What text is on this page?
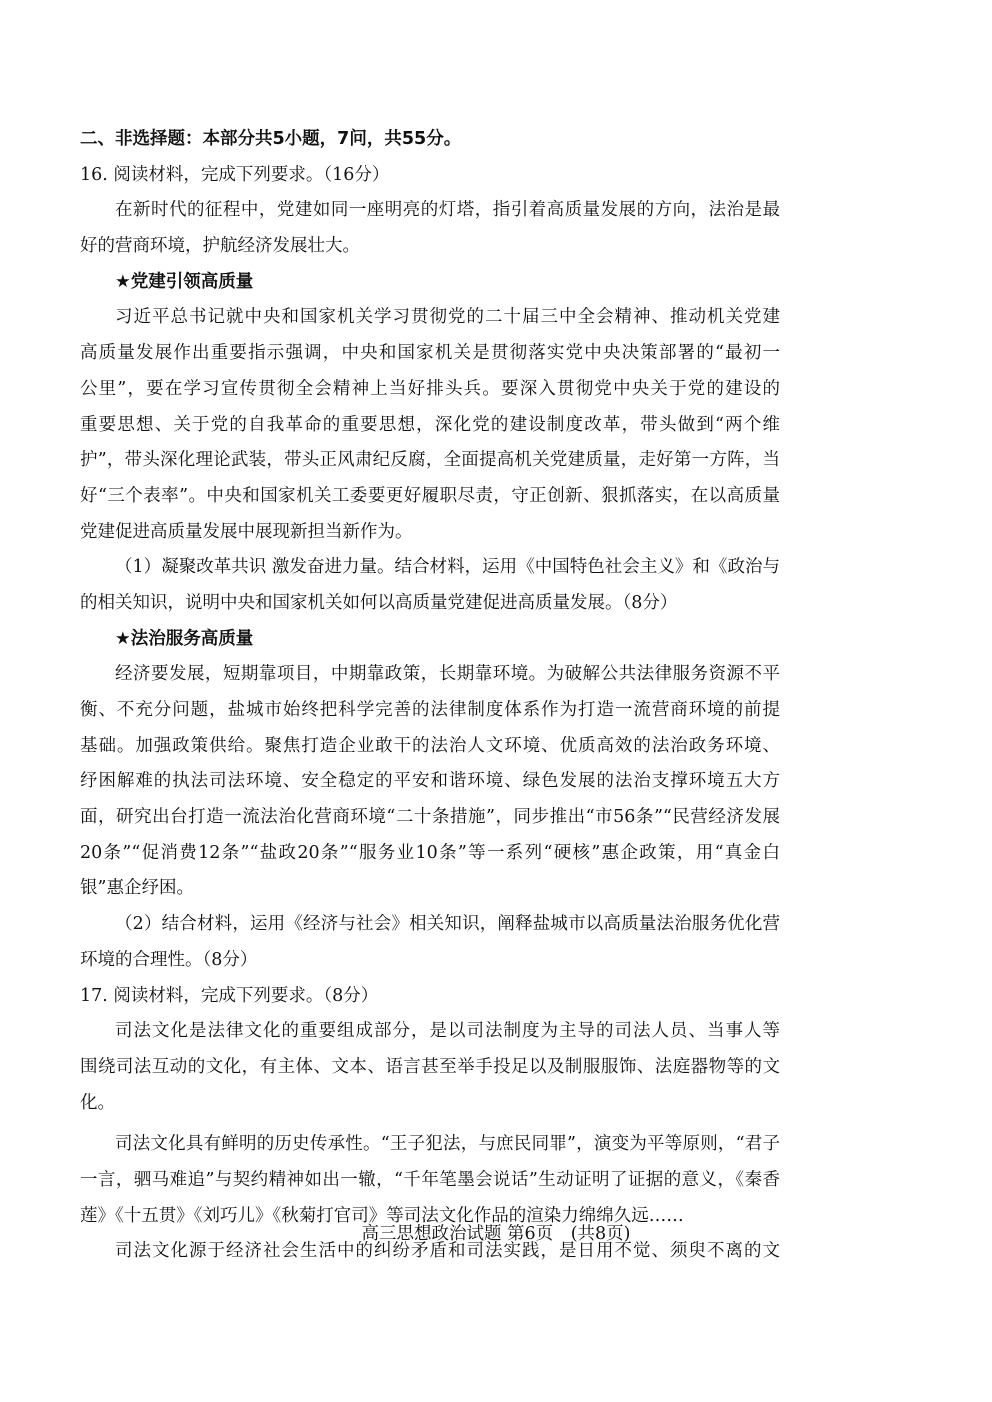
二、非选择题：本部分共5小题，7问，共55分。
16. 阅读材料，完成下列要求。（16分）
在新时代的征程中，党建如同一座明亮的灯塔，指引着高质量发展的方向，法治是最
好的营商环境，护航经济发展壮大。
★党建引领高质量
习近平总书记就中央和国家机关学习贯彻党的二十届三中全会精神、推动机关党建
高质量发展作出重要指示强调，中央和国家机关是贯彻落实党中央决策部署的“最初一
公里”，要在学习宣传贯彻全会精神上当好排头兵。要深入贯彻党中央关于党的建设的
重要思想、关于党的自我革命的重要思想，深化党的建设制度改革，带头做到“两个维
护”，带头深化理论武装，带头正风肃纪反腐，全面提高机关党建质量，走好第一方阵，当
好“三个表率”。中央和国家机关工委要更好履职尽责，守正创新、狠抓落实，在以高质量
党建促进高质量发展中展现新担当新作为。
（1）凝聚改革共识 激发奋进力量。结合材料，运用《中国特色社会主义》和《政治与
的相关知识，说明中央和国家机关如何以高质量党建促进高质量发展。（8分）
★法治服务高质量
经济要发展，短期靠项目，中期靠政策，长期靠环境。为破解公共法律服务资源不平
衡、不充分问题，盐城市始终把科学完善的法律制度体系作为打造一流营商环境的前提
基础。加强政策供给。聚焦打造企业敢干的法治人文环境、优质高效的法治政务环境、
纾困解难的执法司法环境、安全稳定的平安和谐环境、绿色发展的法治支撑环境五大方
面，研究出台打造一流法治化营商环境“二十条措施”，同步推出“市56条”“民营经济发展
20条”“促消费12条”“盐政20条”“服务业10条”等一系列“硬核”惠企政策，用“真金白
银”惠企纾困。
（2）结合材料，运用《经济与社会》相关知识，阐释盐城市以高质量法治服务优化营
环境的合理性。（8分）
17. 阅读材料，完成下列要求。（8分）
司法文化是法律文化的重要组成部分，是以司法制度为主导的司法人员、当事人等
围绕司法互动的文化，有主体、文本、语言甚至举手投足以及制服服饰、法庭器物等的文
化。
司法文化具有鲜明的历史传承性。“王子犯法，与庶民同罪”，演变为平等原则，“君子
一言，驷马难追”与契约精神如出一辙，“千年笔墨会说话”生动证明了证据的意义，《秦香
莲》《十五贯》《刘巧儿》《秋菊打官司》等司法文化作品的渲染力绵绵久远……
司法文化源于经济社会生活中的纠纷矛盾和司法实践，是日用不觉、须臾不离的文
高三思想政治试题 第6页　(共8页)
